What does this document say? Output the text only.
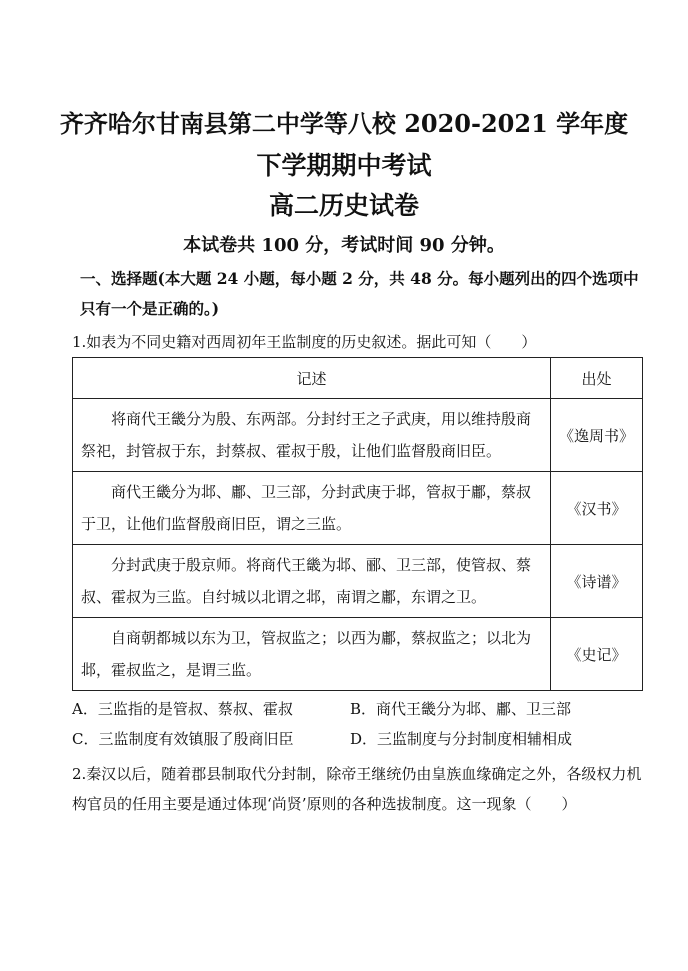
齐齐哈尔甘南县第二中学等八校 2020-2021 学年度
下学期期中考试
高二历史试卷
本试卷共 100 分，考试时间 90 分钟。
一、选择题(本大题 24 小题，每小题 2 分，共 48 分。每小题列出的四个选项中只有一个是正确的。)
1.如表为不同史籍对西周初年王监制度的历史叙述。据此可知（　　）
记述	出处
将商代王畿分为殷、东两部。分封纣王之子武庚，用以维持殷商祭祀，封管叔于东，封蔡叔、霍叔于殷，让他们监督殷商旧臣。	《逸周书》
商代王畿分为邶、鄘、卫三部，分封武庚于邶，管叔于鄘，蔡叔于卫，让他们监督殷商旧臣，谓之三监。	《汉书》
分封武庚于殷京师。将商代王畿为邶、郦、卫三部，使管叔、蔡叔、霍叔为三监。自纣城以北谓之邶，南谓之鄘，东谓之卫。	《诗谱》
自商朝都城以东为卫，管叔监之；以西为鄘，蔡叔监之；以北为邶，霍叔监之，是谓三监。	《史记》
A．三监指的是管叔、蔡叔、霍叔	B．商代王畿分为邶、鄘、卫三部
C．三监制度有效镇服了殷商旧臣	D．三监制度与分封制度相辅相成
2.秦汉以后，随着郡县制取代分封制，除帝王继统仍由皇族血缘确定之外，各级权力机构官员的任用主要是通过体现‘尚贤’原则的各种选拔制度。这一现象（　　）
